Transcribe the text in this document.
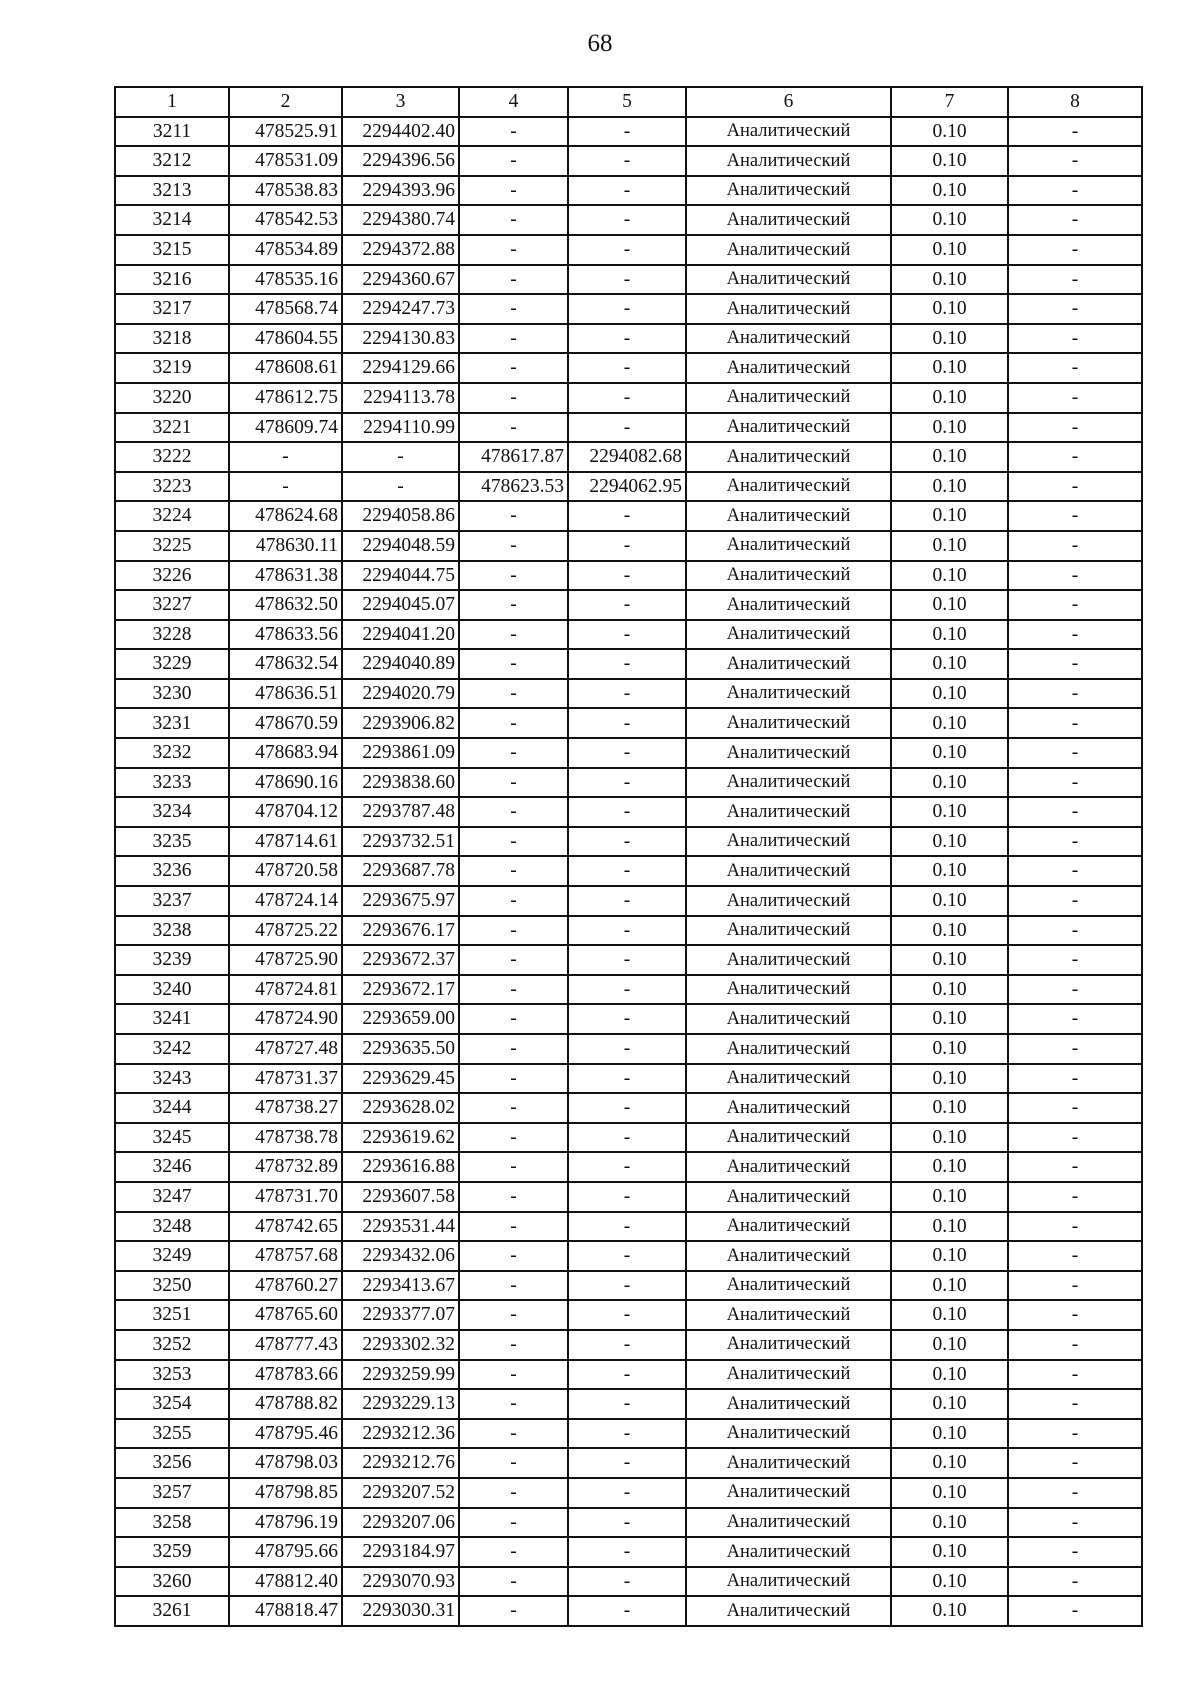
68
1	2	3	4	5	6	7	8
3211	478525.91	2294402.40	-	-	Аналитический	0.10	-
3212	478531.09	2294396.56	-	-	Аналитический	0.10	-
3213	478538.83	2294393.96	-	-	Аналитический	0.10	-
3214	478542.53	2294380.74	-	-	Аналитический	0.10	-
3215	478534.89	2294372.88	-	-	Аналитический	0.10	-
3216	478535.16	2294360.67	-	-	Аналитический	0.10	-
3217	478568.74	2294247.73	-	-	Аналитический	0.10	-
3218	478604.55	2294130.83	-	-	Аналитический	0.10	-
3219	478608.61	2294129.66	-	-	Аналитический	0.10	-
3220	478612.75	2294113.78	-	-	Аналитический	0.10	-
3221	478609.74	2294110.99	-	-	Аналитический	0.10	-
3222	-	-	478617.87	2294082.68	Аналитический	0.10	-
3223	-	-	478623.53	2294062.95	Аналитический	0.10	-
3224	478624.68	2294058.86	-	-	Аналитический	0.10	-
3225	478630.11	2294048.59	-	-	Аналитический	0.10	-
3226	478631.38	2294044.75	-	-	Аналитический	0.10	-
3227	478632.50	2294045.07	-	-	Аналитический	0.10	-
3228	478633.56	2294041.20	-	-	Аналитический	0.10	-
3229	478632.54	2294040.89	-	-	Аналитический	0.10	-
3230	478636.51	2294020.79	-	-	Аналитический	0.10	-
3231	478670.59	2293906.82	-	-	Аналитический	0.10	-
3232	478683.94	2293861.09	-	-	Аналитический	0.10	-
3233	478690.16	2293838.60	-	-	Аналитический	0.10	-
3234	478704.12	2293787.48	-	-	Аналитический	0.10	-
3235	478714.61	2293732.51	-	-	Аналитический	0.10	-
3236	478720.58	2293687.78	-	-	Аналитический	0.10	-
3237	478724.14	2293675.97	-	-	Аналитический	0.10	-
3238	478725.22	2293676.17	-	-	Аналитический	0.10	-
3239	478725.90	2293672.37	-	-	Аналитический	0.10	-
3240	478724.81	2293672.17	-	-	Аналитический	0.10	-
3241	478724.90	2293659.00	-	-	Аналитический	0.10	-
3242	478727.48	2293635.50	-	-	Аналитический	0.10	-
3243	478731.37	2293629.45	-	-	Аналитический	0.10	-
3244	478738.27	2293628.02	-	-	Аналитический	0.10	-
3245	478738.78	2293619.62	-	-	Аналитический	0.10	-
3246	478732.89	2293616.88	-	-	Аналитический	0.10	-
3247	478731.70	2293607.58	-	-	Аналитический	0.10	-
3248	478742.65	2293531.44	-	-	Аналитический	0.10	-
3249	478757.68	2293432.06	-	-	Аналитический	0.10	-
3250	478760.27	2293413.67	-	-	Аналитический	0.10	-
3251	478765.60	2293377.07	-	-	Аналитический	0.10	-
3252	478777.43	2293302.32	-	-	Аналитический	0.10	-
3253	478783.66	2293259.99	-	-	Аналитический	0.10	-
3254	478788.82	2293229.13	-	-	Аналитический	0.10	-
3255	478795.46	2293212.36	-	-	Аналитический	0.10	-
3256	478798.03	2293212.76	-	-	Аналитический	0.10	-
3257	478798.85	2293207.52	-	-	Аналитический	0.10	-
3258	478796.19	2293207.06	-	-	Аналитический	0.10	-
3259	478795.66	2293184.97	-	-	Аналитический	0.10	-
3260	478812.40	2293070.93	-	-	Аналитический	0.10	-
3261	478818.47	2293030.31	-	-	Аналитический	0.10	-
